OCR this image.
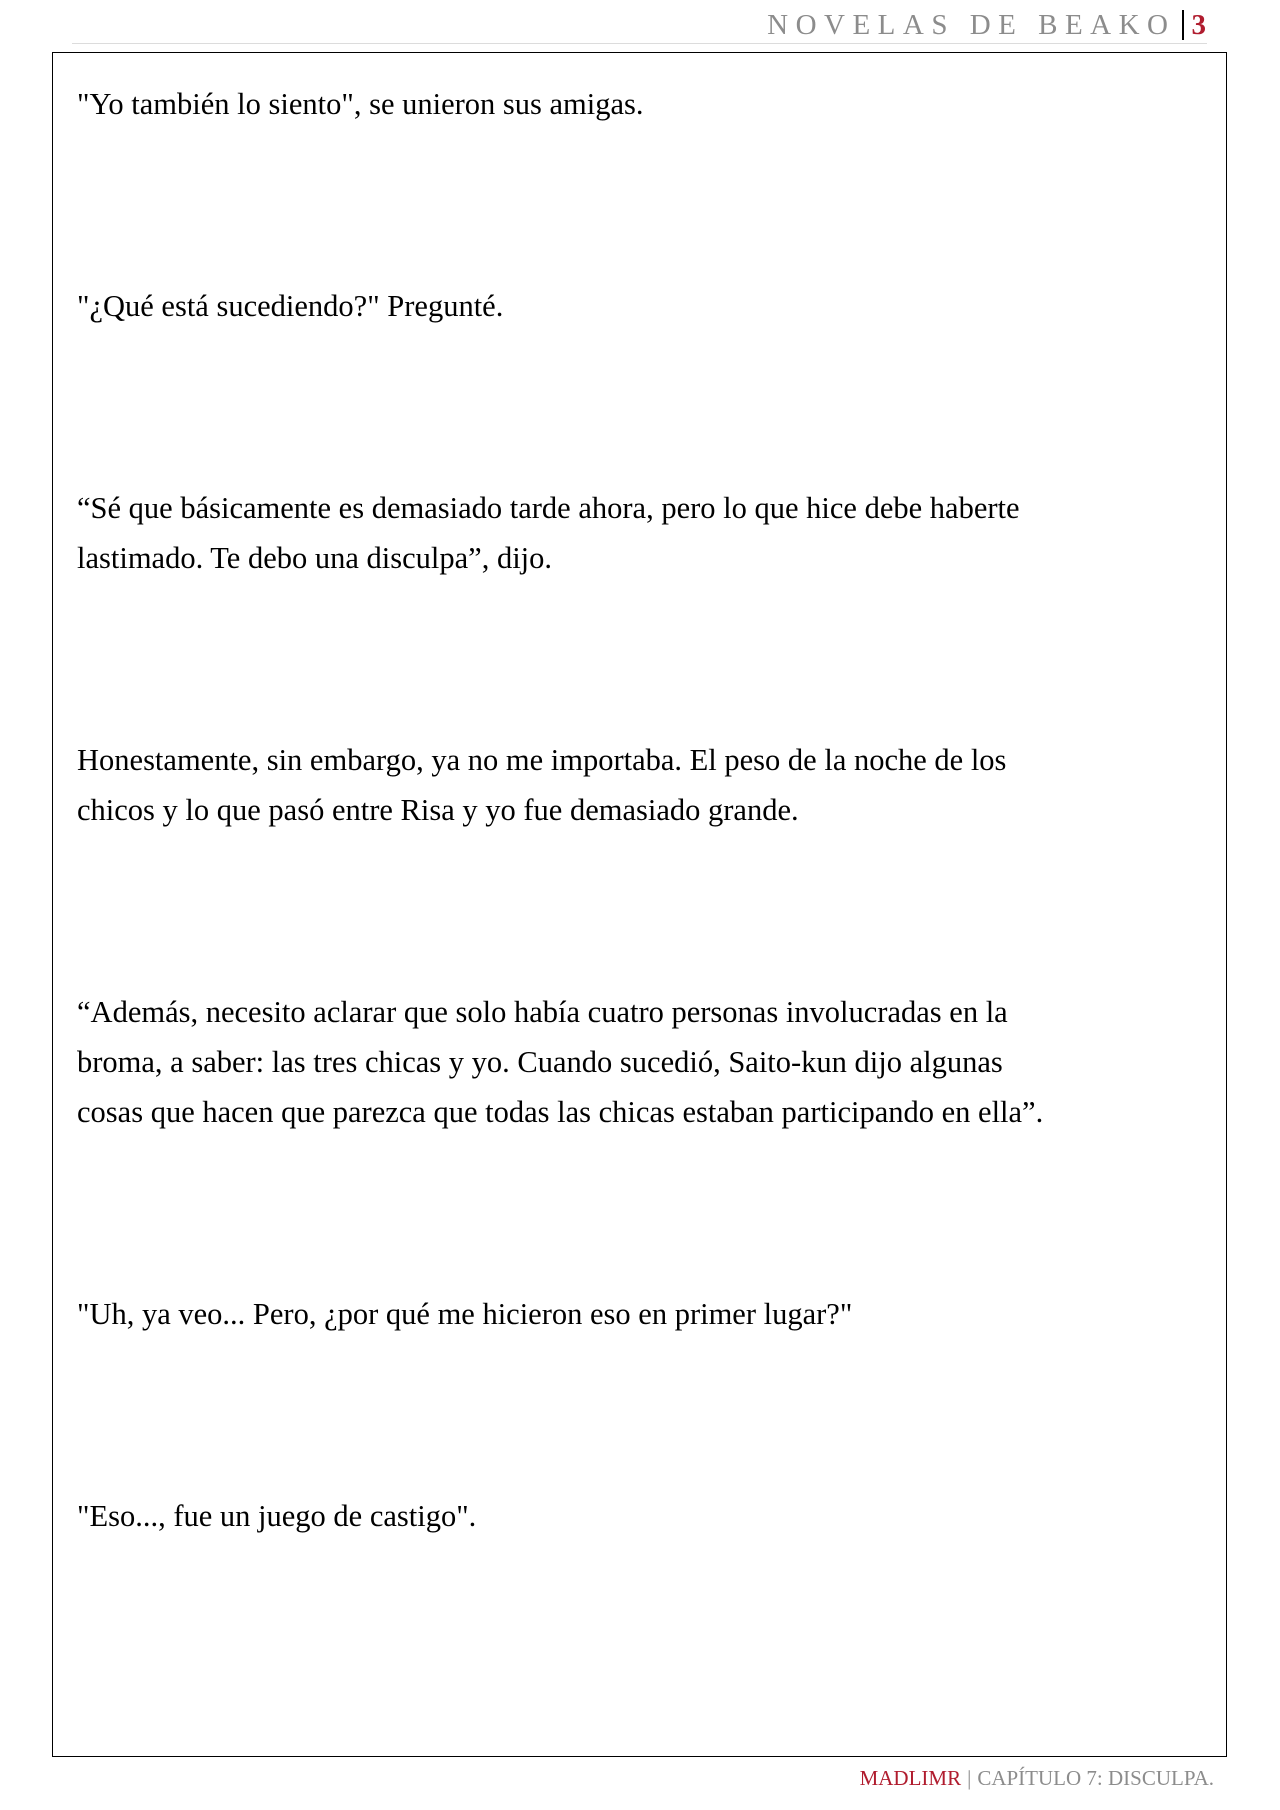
NOVELAS DE BEAKO 3

"Yo también lo siento", se unieron sus amigas.

"¿Qué está sucediendo?" Pregunté.

“Sé que básicamente es demasiado tarde ahora, pero lo que hice debe haberte
lastimado. Te debo una disculpa”, dijo.

Honestamente, sin embargo, ya no me importaba. El peso de la noche de los
chicos y lo que pasó entre Risa y yo fue demasiado grande.

“Además, necesito aclarar que solo había cuatro personas involucradas en la
broma, a saber: las tres chicas y yo. Cuando sucedió, Saito-kun dijo algunas
cosas que hacen que parezca que todas las chicas estaban participando en ella”.

"Uh, ya veo... Pero, ¿por qué me hicieron eso en primer lugar?"

"Eso..., fue un juego de castigo".

MADLIMR | CAPÍTULO 7: DISCULPA.
